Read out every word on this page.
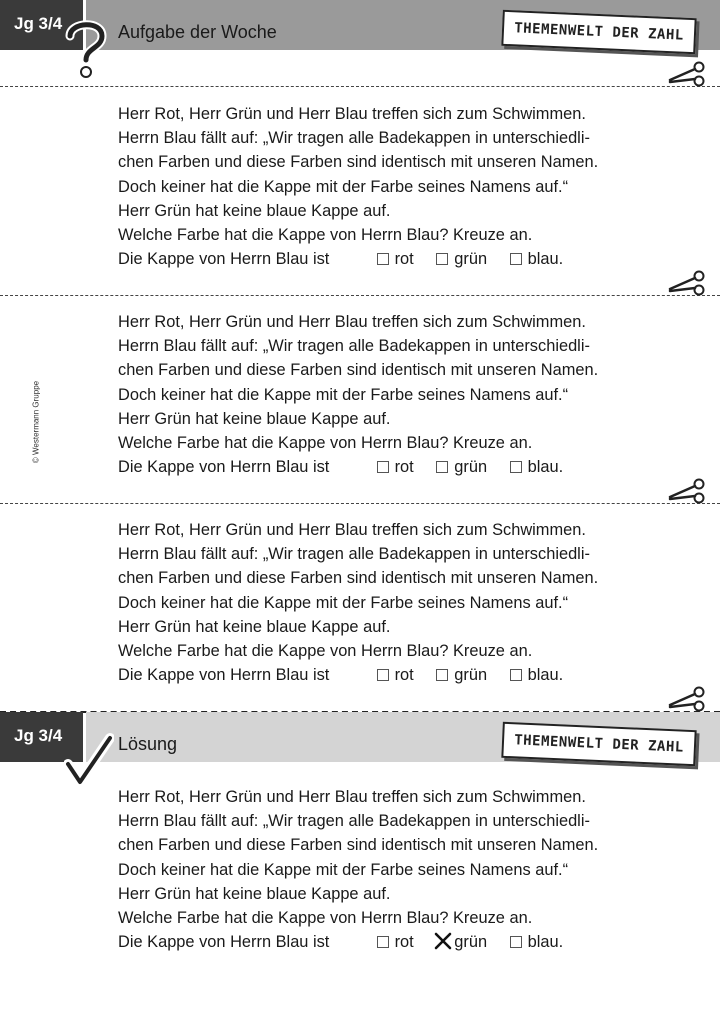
Jg 3/4	Aufgabe der Woche	THEMENWELT DER ZAHL

Herr Rot, Herr Grün und Herr Blau treffen sich zum Schwimmen.

Herrn Blau fällt auf: „Wir tragen alle Badekappen in unterschiedli-

chen Farben und diese Farben sind identisch mit unseren Namen.

Doch keiner hat die Kappe mit der Farbe seines Namens auf.“

Herr Grün hat keine blaue Kappe auf.

Welche Farbe hat die Kappe von Herrn Blau? Kreuze an.

Die Kappe von Herrn Blau ist	rot grün blau.

Herr Rot, Herr Grün und Herr Blau treffen sich zum Schwimmen.

Herrn Blau fällt auf: „Wir tragen alle Badekappen in unterschiedli-

chen Farben und diese Farben sind identisch mit unseren Namen.

Doch keiner hat die Kappe mit der Farbe seines Namens auf.“

Herr Grün hat keine blaue Kappe auf.

Welche Farbe hat die Kappe von Herrn Blau? Kreuze an.

Die Kappe von Herrn Blau ist	rot grün blau.
© Westermann Gruppe

Herr Rot, Herr Grün und Herr Blau treffen sich zum Schwimmen.

Herrn Blau fällt auf: „Wir tragen alle Badekappen in unterschiedli-

chen Farben und diese Farben sind identisch mit unseren Namen.

Doch keiner hat die Kappe mit der Farbe seines Namens auf.“

Herr Grün hat keine blaue Kappe auf.

Welche Farbe hat die Kappe von Herrn Blau? Kreuze an.

Die Kappe von Herrn Blau ist	rot grün blau.
Jg 3/4	Lösung	THEMENWELT DER ZAHL

Herr Rot, Herr Grün und Herr Blau treffen sich zum Schwimmen.

Herrn Blau fällt auf: „Wir tragen alle Badekappen in unterschiedli-

chen Farben und diese Farben sind identisch mit unseren Namen.

Doch keiner hat die Kappe mit der Farbe seines Namens auf.“

Herr Grün hat keine blaue Kappe auf.

Welche Farbe hat die Kappe von Herrn Blau? Kreuze an.

Die Kappe von Herrn Blau ist	rot grün blau.
